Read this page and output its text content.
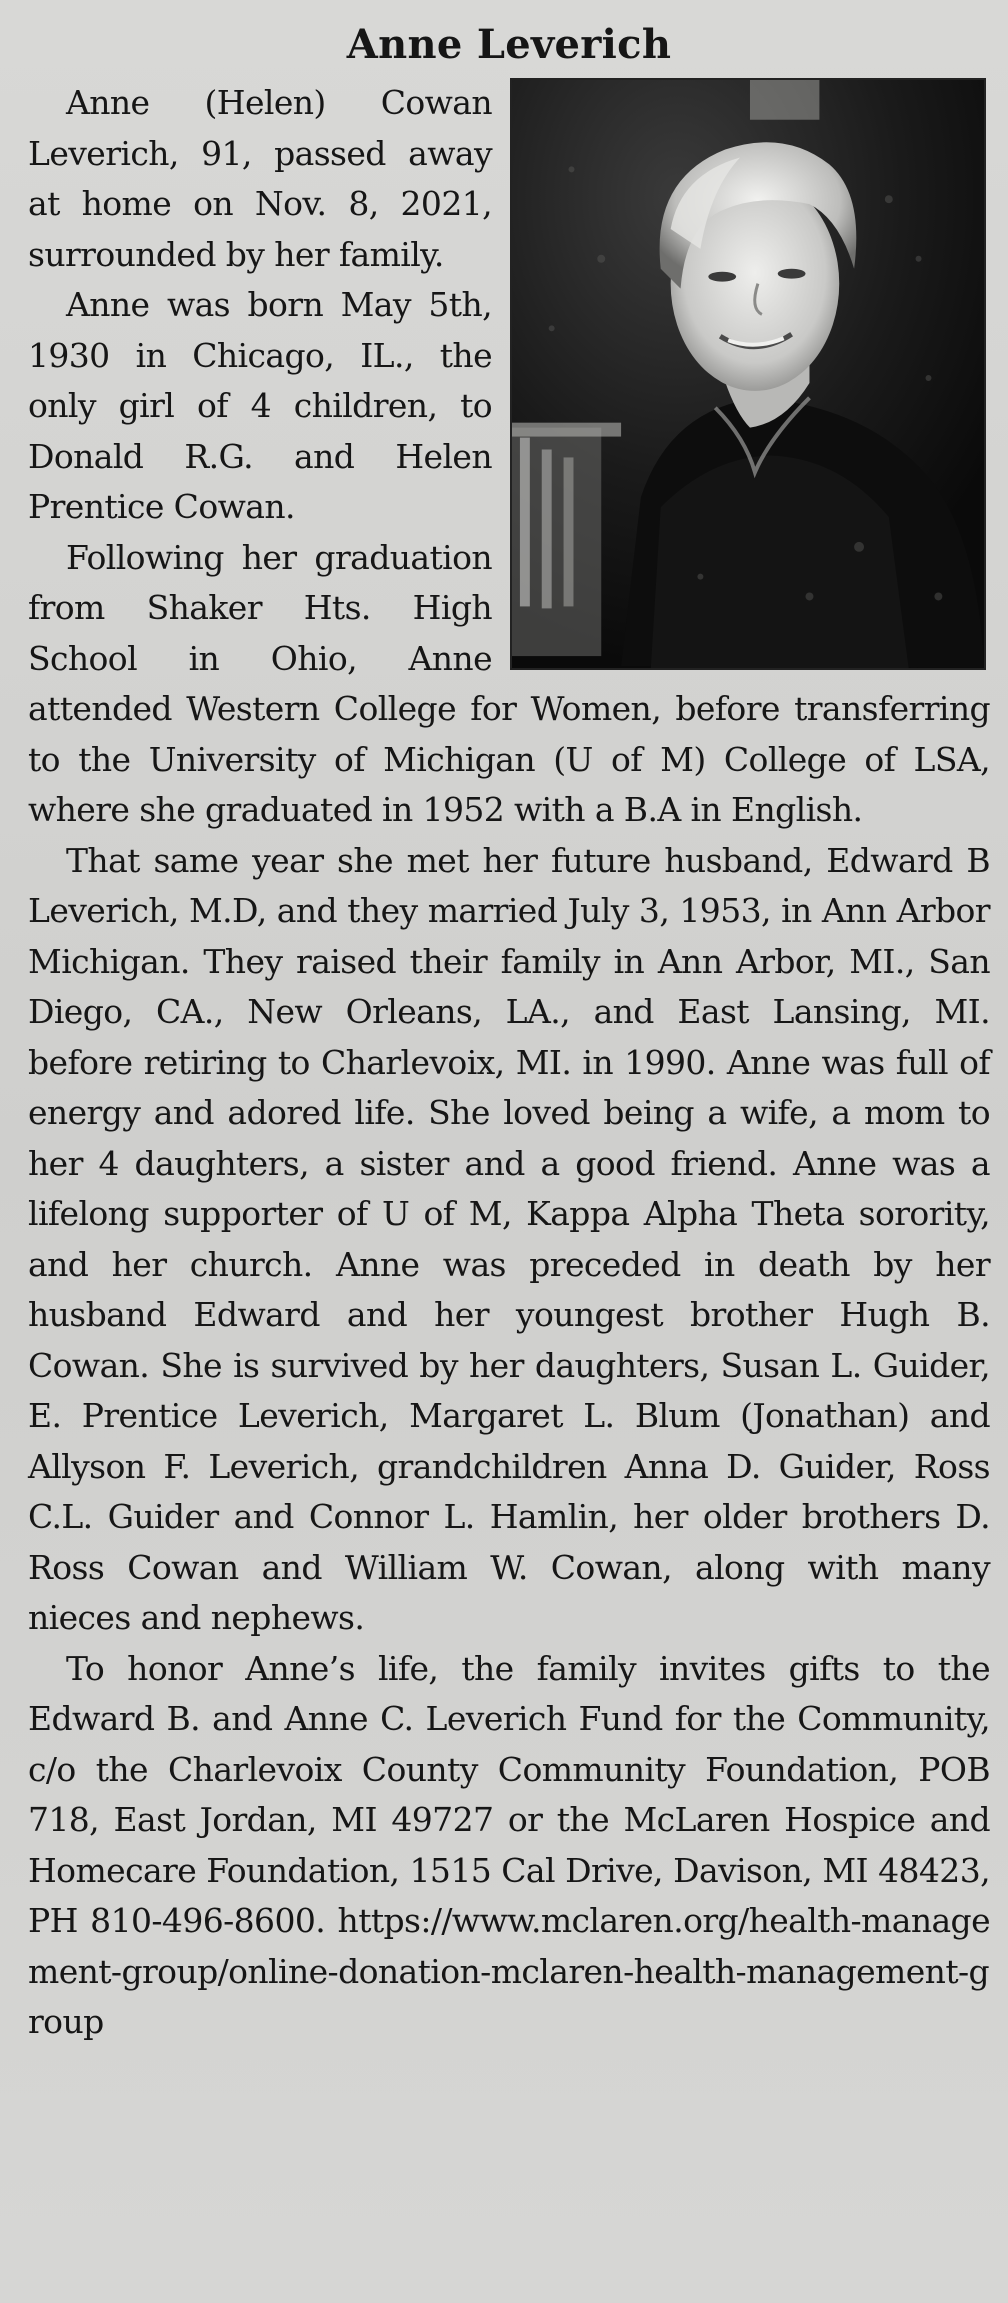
Anne Leverich

Anne (Helen) Cowan Leverich, 91, passed away at home on Nov. 8, 2021, surrounded by her family.

Anne was born May 5th, 1930 in Chicago, IL., the only girl of 4 children, to Donald R.G. and Helen Prentice Cowan.

Following her graduation from Shaker Hts. High School in Ohio, Anne attended Western College for Women, before transferring to the University of Michigan (U of M) College of LSA, where she graduated in 1952 with a B.A in English.

That same year she met her future husband, Edward B Leverich, M.D, and they married July 3, 1953, in Ann Arbor Michigan. They raised their family in Ann Arbor, MI., San Diego, CA., New Orleans, LA., and East Lansing, MI. before retiring to Charlevoix, MI. in 1990. Anne was full of energy and adored life. She loved being a wife, a mom to her 4 daughters, a sister and a good friend. Anne was a lifelong supporter of U of M, Kappa Alpha Theta sorority, and her church. Anne was preceded in death by her husband Edward and her youngest brother Hugh B. Cowan. She is survived by her daughters, Susan L. Guider, E. Prentice Leverich, Margaret L. Blum (Jonathan) and Allyson F. Leverich, grandchildren Anna D. Guider, Ross C.L. Guider and Connor L. Hamlin, her older brothers D. Ross Cowan and William W. Cowan, along with many nieces and nephews.

To honor Anne’s life, the family invites gifts to the Edward B. and Anne C. Leverich Fund for the Community, c/o the Charlevoix County Community Foundation, POB 718, East Jordan, MI 49727 or the McLaren Hospice and Homecare Foundation, 1515 Cal Drive, Davison, MI 48423, PH 810-496-8600. https://www.mclaren.org/health-management-group/online-donation-mclaren-health-management-group
